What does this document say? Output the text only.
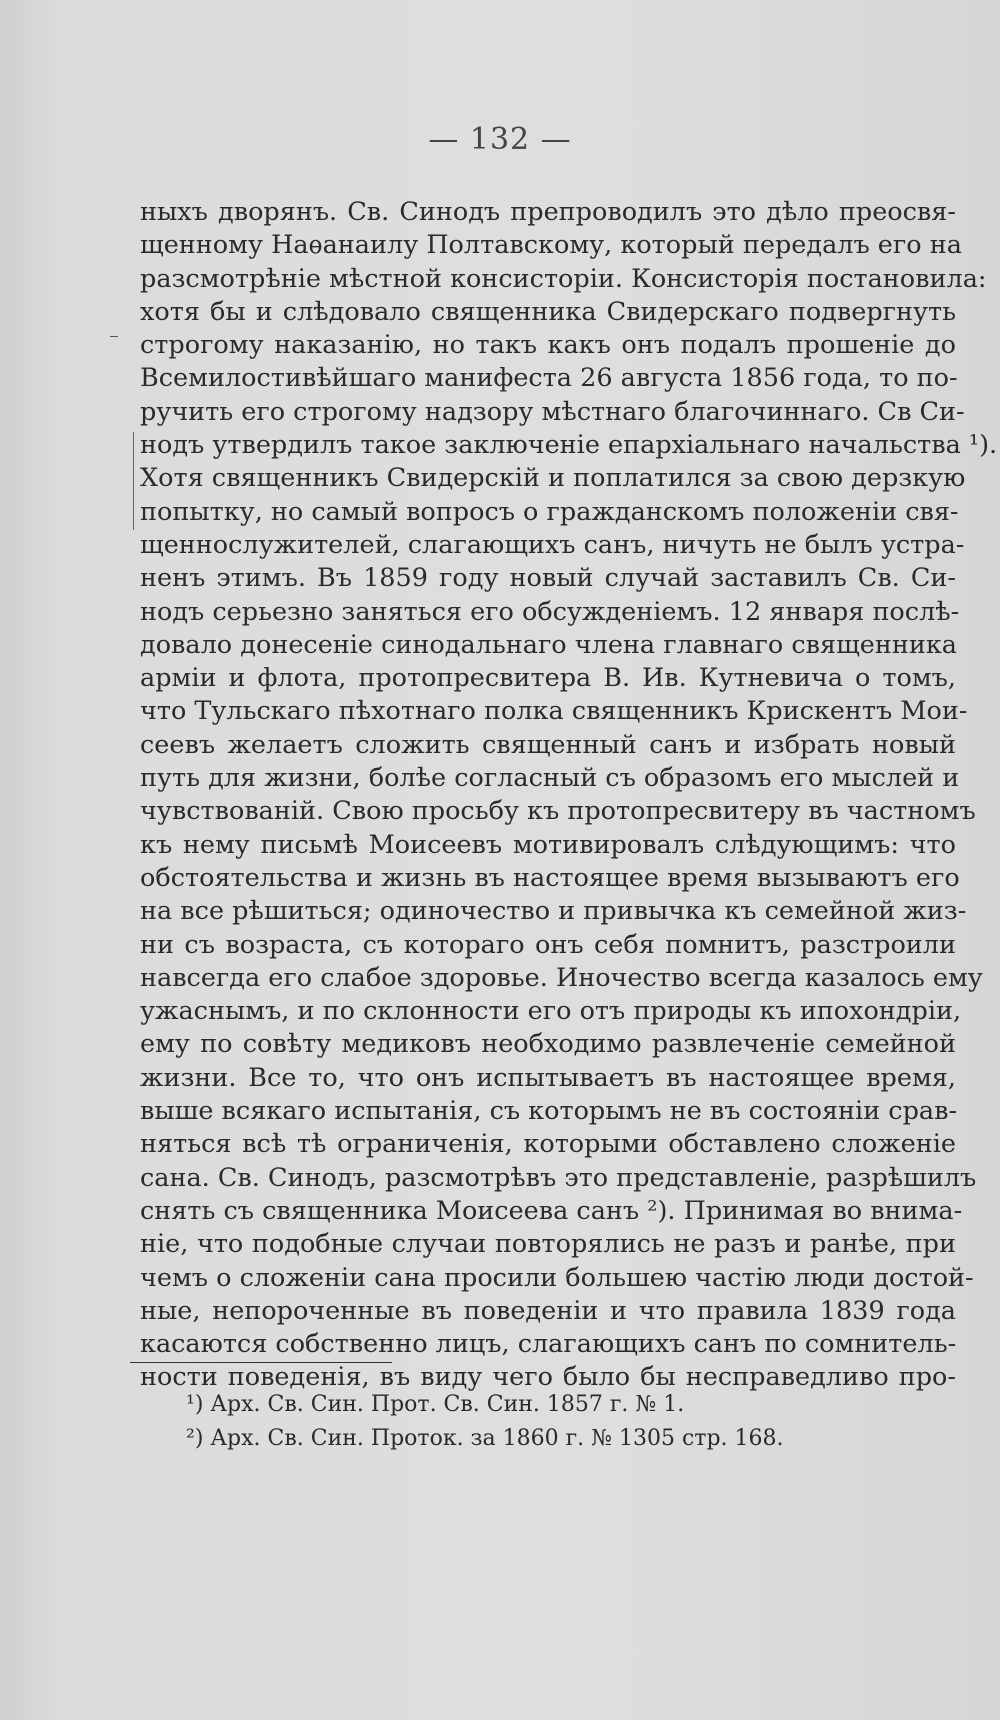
— 132 —
ныхъ дворянъ. Св. Синодъ препроводилъ это дѣло преосвя-
щенному Наѳанаилу Полтавскому, который передалъ его на
разсмотрѣніе мѣстной консисторіи. Консисторія постановила:
хотя бы и слѣдовало священника Свидерскаго подвергнуть
строгому наказанію, но такъ какъ онъ подалъ прошеніе до
Всемилостивѣйшаго манифеста 26 августа 1856 года, то по-
ручить его строгому надзору мѣстнаго благочиннаго. Св Си-
нодъ утвердилъ такое заключеніе епархіальнаго начальства ¹).
Хотя священникъ Свидерскій и поплатился за свою дерзкую
попытку, но самый вопросъ о гражданскомъ положеніи свя-
щеннослужителей, слагающихъ санъ, ничуть не былъ устра-
ненъ этимъ. Въ 1859 году новый случай заставилъ Св. Си-
нодъ серьезно заняться его обсужденіемъ. 12 января послѣ-
довало донесеніе синодальнаго члена главнаго священника
арміи и флота, протопресвитера В. Ив. Кутневича о томъ,
что Тульскаго пѣхотнаго полка священникъ Крискентъ Мои-
сеевъ желаетъ сложить священный санъ и избрать новый
путь для жизни, болѣе согласный съ образомъ его мыслей и
чувствованій. Свою просьбу къ протопресвитеру въ частномъ
къ нему письмѣ Моисеевъ мотивировалъ слѣдующимъ: что
обстоятельства и жизнь въ настоящее время вызываютъ его
на все рѣшиться; одиночество и привычка къ семейной жиз-
ни съ возраста, съ котораго онъ себя помнитъ, разстроили
навсегда его слабое здоровье. Иночество всегда казалось ему
ужаснымъ, и по склонности его отъ природы къ ипохондріи,
ему по совѣту медиковъ необходимо развлеченіе семейной
жизни. Все то, что онъ испытываетъ въ настоящее время,
выше всякаго испытанія, съ которымъ не въ состояніи срав-
няться всѣ тѣ ограниченія, которыми обставлено сложеніе
сана. Св. Синодъ, разсмотрѣвъ это представленіе, разрѣшилъ
снять съ священника Моисеева санъ ²). Принимая во внима-
ніе, что подобные случаи повторялись не разъ и ранѣе, при
чемъ о сложеніи сана просили большею частію люди достой-
ные, непороченные въ поведеніи и что правила 1839 года
касаются собственно лицъ, слагающихъ санъ по сомнитель-
ности поведенія, въ виду чего было бы несправедливо про-
¹) Арх. Св. Син. Прот. Св. Син. 1857 г. № 1.
²) Арх. Св. Син. Проток. за 1860 г. № 1305 стр. 168.
